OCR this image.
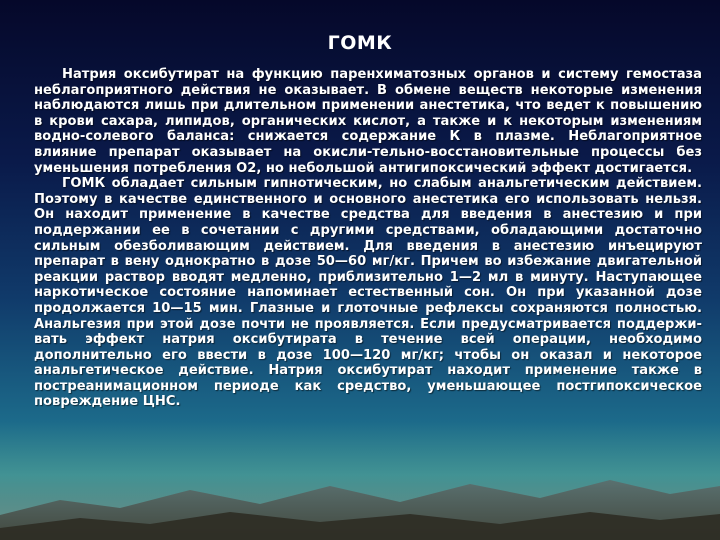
ГОМК

Натрия оксибутират на функцию паренхиматозных органов и систему гемостаза неблагоприятного действия не оказывает. В обмене веществ некоторые изменения наблюдаются лишь при длительном применении анестетика, что ведет к повышению в крови сахара, липидов, органических кислот, а также и к некоторым изменениям водно-солевого баланса: снижается содержание К в плазме. Неблагоприятное влияние препарат оказывает на окисли-тельно-восстановительные процессы без уменьшения потребления О2, но небольшой антигипоксический эффект достигается.

ГОМК обладает сильным гипнотическим, но слабым анальгетическим действием. Поэтому в качестве единственного и основного анестетика его использовать нельзя. Он находит применение в качестве средства для введения в анестезию и при поддержании ее в сочетании с другими средствами, обладающими достаточно сильным обезболивающим действием. Для введения в анестезию инъецируют препарат в вену однократно в дозе 50—60 мг/кг. Причем во избежание двигательной реакции раствор вводят медленно, приблизительно 1—2 мл в минуту. Наступающее наркотическое состояние напоминает естественный сон. Он при указанной дозе продолжается 10—15 мин. Глазные и глоточные рефлексы сохраняются полностью. Анальгезия при этой дозе почти не проявляется. Если предусматривается поддержи-вать эффект натрия оксибутирата в течение всей операции, необходимо дополнительно его ввести в дозе 100—120 мг/кг; чтобы он оказал и некоторое анальгетическое действие. Натрия оксибутират находит применение также в постреанимационном периоде как средство, уменьшающее постгипоксическое повреждение ЦНС.
